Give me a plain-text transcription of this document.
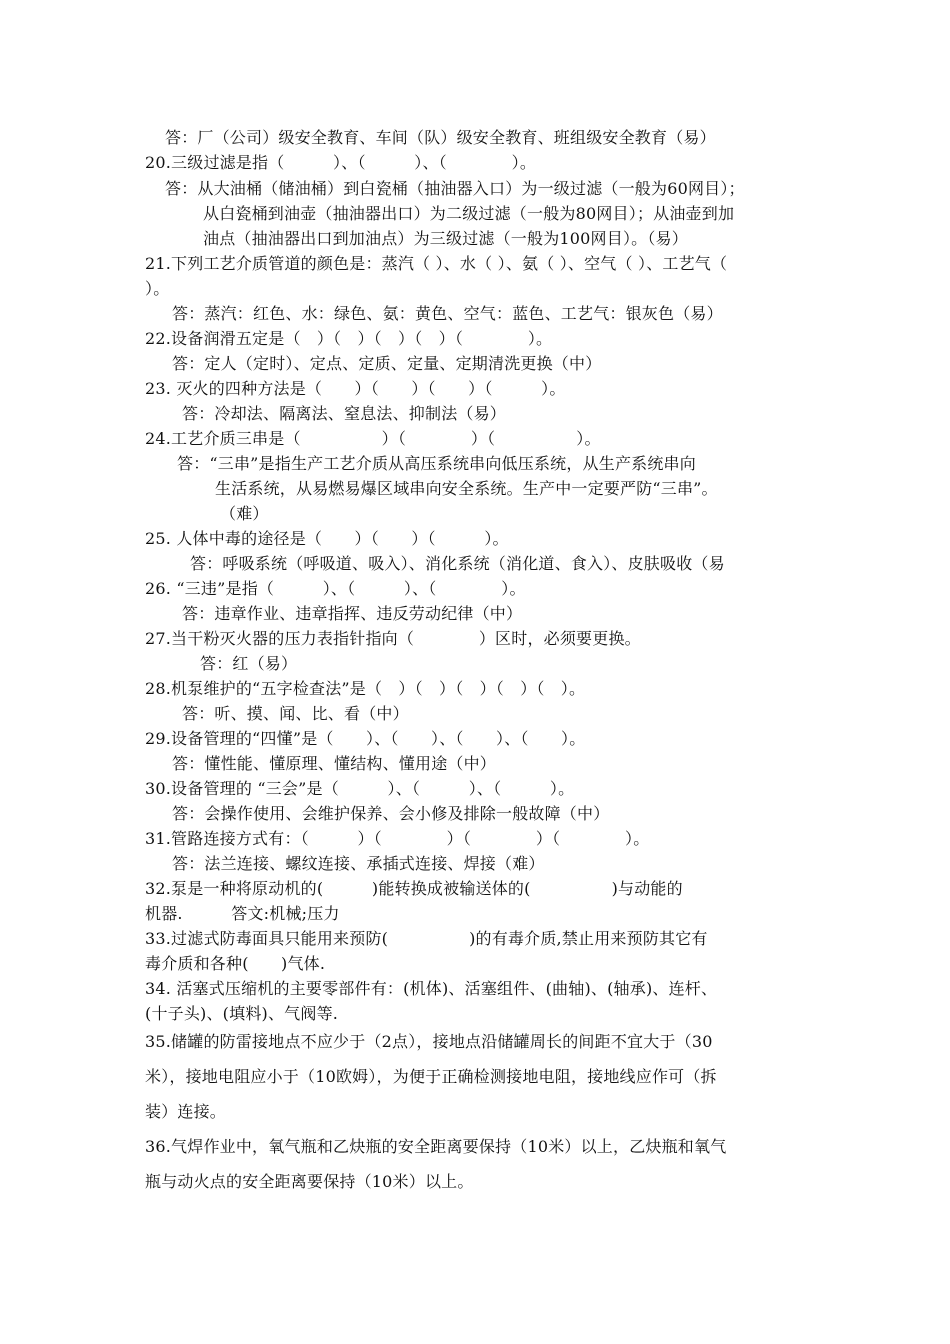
答：厂（公司）级安全教育、车间（队）级安全教育、班组级安全教育（易）
20.三级过滤是指（　　　）、（　　　）、（　　　　）。
答：从大油桶（储油桶）到白瓷桶（抽油器入口）为一级过滤（一般为60网目）；
从白瓷桶到油壶（抽油器出口）为二级过滤（一般为80网目）；从油壶到加
油点（抽油器出口到加油点）为三级过滤（一般为100网目）。（易）
21.下列工艺介质管道的颜色是：蒸汽（ ）、水（ ）、氨（ ）、空气（ ）、工艺气（
）。
答：蒸汽：红色、水：绿色、氨：黄色、空气：蓝色、工艺气：银灰色（易）
22.设备润滑五定是（　）（　）（　）（　）（　　　　）。
答：定人（定时）、定点、定质、定量、定期清洗更换（中）
23. 灭火的四种方法是（　　）（　　）（　　）（　　　）。
答：冷却法、隔离法、窒息法、抑制法（易）
24.工艺介质三串是（　　　　　）（　　　　）（　　　　　）。
答：“三串”是指生产工艺介质从高压系统串向低压系统，从生产系统串向
生活系统，从易燃易爆区域串向安全系统。生产中一定要严防“三串”。
（难）
25. 人体中毒的途径是（　　）（　　）（　　　）。
答：呼吸系统（呼吸道、吸入）、消化系统（消化道、食入）、皮肤吸收（易
26. “三违”是指（　　　）、（　　　）、（　　　　）。
答：违章作业、违章指挥、违反劳动纪律（中）
27.当干粉灭火器的压力表指针指向（　　　　）区时，必须要更换。
答：红（易）
28.机泵维护的“五字检查法”是（　）（　）（　）（　）（　）。
答：听、摸、闻、比、看（中）
29.设备管理的“四懂”是（　　）、（　　）、（　　）、（　　）。
答：懂性能、懂原理、懂结构、懂用途（中）
30.设备管理的 “三会”是（　　　）、（　　　）、（　　　）。
答：会操作使用、会维护保养、会小修及排除一般故障（中）
31.管路连接方式有：（　　　）（　　　　）（　　　　）（　　　　）。
答：法兰连接、螺纹连接、承插式连接、焊接（难）
32.泵是一种将原动机的(　　　)能转换成被输送体的(　　　　　)与动能的
机器.　　　答文:机械;压力
33.过滤式防毒面具只能用来预防(　　　　　)的有毒介质,禁止用来预防其它有
毒介质和各种(　　)气体.
34. 活塞式压缩机的主要零部件有：(机体)、活塞组件、(曲轴)、(轴承)、连杆、
(十子头)、(填料)、气阀等.
35.储罐的防雷接地点不应少于（2点），接地点沿储罐周长的间距不宜大于（30
米），接地电阻应小于（10欧姆），为便于正确检测接地电阻，接地线应作可（拆
装）连接。
36.气焊作业中，氧气瓶和乙炔瓶的安全距离要保持（10米）以上，乙炔瓶和氧气
瓶与动火点的安全距离要保持（10米）以上。
